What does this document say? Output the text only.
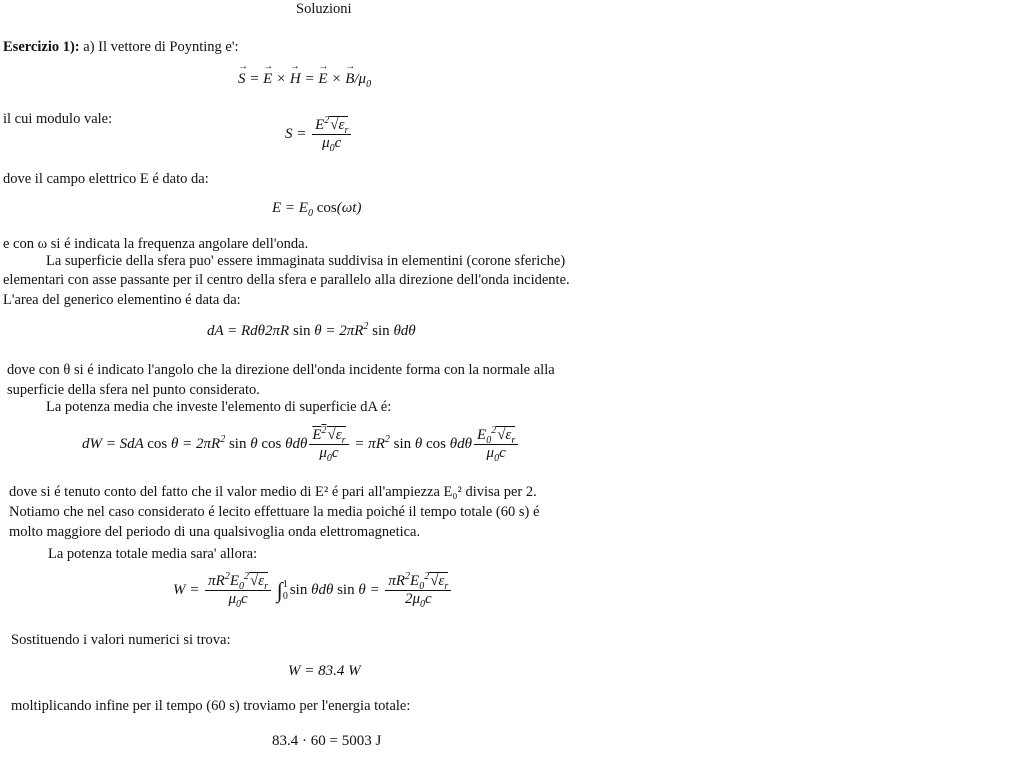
Soluzioni
Esercizio 1): a) Il vettore di Poynting e':
→ S = → E × → H = → E × → $B/\mu_0$
il cui modulo vale:
$S = \frac{E^2√\varepsilon_r}{\mu_0c}$
dove il campo elettrico E é dato da:
$E = E_0$ cos(ωt)
e con ω si é indicata la frequenza angolare dell'onda.
La superficie della sfera puo' essere immaginata suddivisa in elementini (corone sferiche)
elementari con asse passante per il centro della sfera e parallelo alla direzione dell'onda incidente.
L'area del generico elementino é data da:
dA = Rdθ2πR $\sin \theta = 2\pi R^2$ sin θdθ
dove con θ si é indicato l'angolo che la direzione dell'onda incidente forma con la normale alla
superficie della sfera nel punto considerato.
La potenza media che investe l'elemento di superficie dA é:
dW = SdA $\cos \theta = 2\pi R^2$ sin θ cos θdθ $\frac{E^2√\varepsilon_r}{\mu_0c} = \pi R^2$ sin θ cos θdθ $\frac{E_0^2√\varepsilon_r}{\mu_0c}$
dove si é tenuto conto del fatto che il valor medio di E² é pari all'ampiezza E₀² divisa per 2.
Notiamo che nel caso considerato é lecito effettuare la media poiché il tempo totale (60 s) é
molto maggiore del periodo di una qualsivoglia onda elettromagnetica.
La potenza totale media sara' allora:
$W = \frac{\pi R^2E_0^2√\varepsilon_r}{\mu_0c} \int 1$
0 sin θdθ $\sin \theta = \frac{\pi R^2E_0^2√\varepsilon_r}{2\mu_0c}$
Sostituendo i valori numerici si trova:
W = 83.4 W
moltiplicando infine per il tempo (60 s) troviamo per l'energia totale:
83.4 · 60 = 5003 J
